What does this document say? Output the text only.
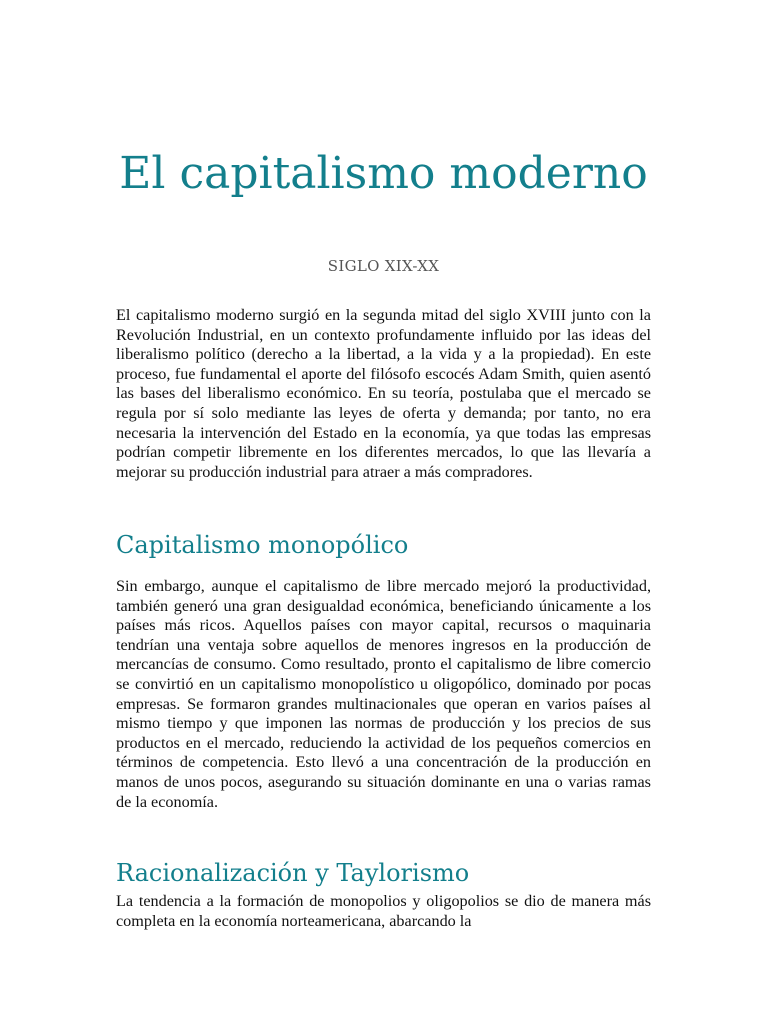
El capitalismo moderno
SIGLO XIX-XX

El capitalismo moderno surgió en la segunda mitad del siglo XVIII junto con la Revolución Industrial, en un contexto profundamente influido por las ideas del liberalismo político (derecho a la libertad, a la vida y a la propiedad). En este proceso, fue fundamental el aporte del filósofo escocés Adam Smith, quien asentó las bases del liberalismo económico. En su teoría, postulaba que el mercado se regula por sí solo mediante las leyes de oferta y demanda; por tanto, no era necesaria la intervención del Estado en la economía, ya que todas las empresas podrían competir libremente en los diferentes mercados, lo que las llevaría a mejorar su producción industrial para atraer a más compradores.

Capitalismo monopólico

Sin embargo, aunque el capitalismo de libre mercado mejoró la productividad, también generó una gran desigualdad económica, beneficiando únicamente a los países más ricos. Aquellos países con mayor capital, recursos o maquinaria tendrían una ventaja sobre aquellos de menores ingresos en la producción de mercancías de consumo. Como resultado, pronto el capitalismo de libre comercio se convirtió en un capitalismo monopolístico u oligopólico, dominado por pocas empresas. Se formaron grandes multinacionales que operan en varios países al mismo tiempo y que imponen las normas de producción y los precios de sus productos en el mercado, reduciendo la actividad de los pequeños comercios en términos de competencia. Esto llevó a una concentración de la producción en manos de unos pocos, asegurando su situación dominante en una o varias ramas de la economía.

Racionalización y Taylorismo

La tendencia a la formación de monopolios y oligopolios se dio de manera más completa en la economía norteamericana, abarcando la
